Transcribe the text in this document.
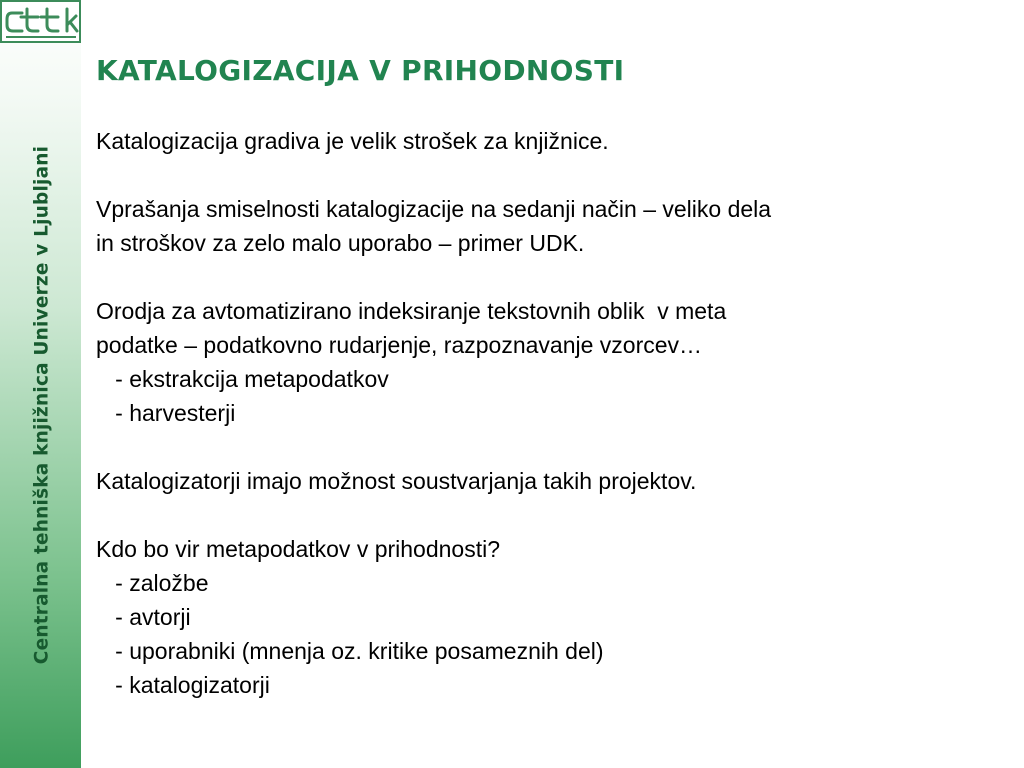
Centralna tehniška knjižnica Univerze v Ljubljani
KATALOGIZACIJA V PRIHODNOSTI
Katalogizacija gradiva je velik strošek za knjižnice.
Vprašanja smiselnosti katalogizacije na sedanji način – veliko dela
in stroškov za zelo malo uporabo – primer UDK.
Orodja za avtomatizirano indeksiranje tekstovnih oblik  v meta
podatke – podatkovno rudarjenje, razpoznavanje vzorcev…
- ekstrakcija metapodatkov
- harvesterji
Katalogizatorji imajo možnost soustvarjanja takih projektov.
Kdo bo vir metapodatkov v prihodnosti?
- založbe
- avtorji
- uporabniki (mnenja oz. kritike posameznih del)
- katalogizatorji
